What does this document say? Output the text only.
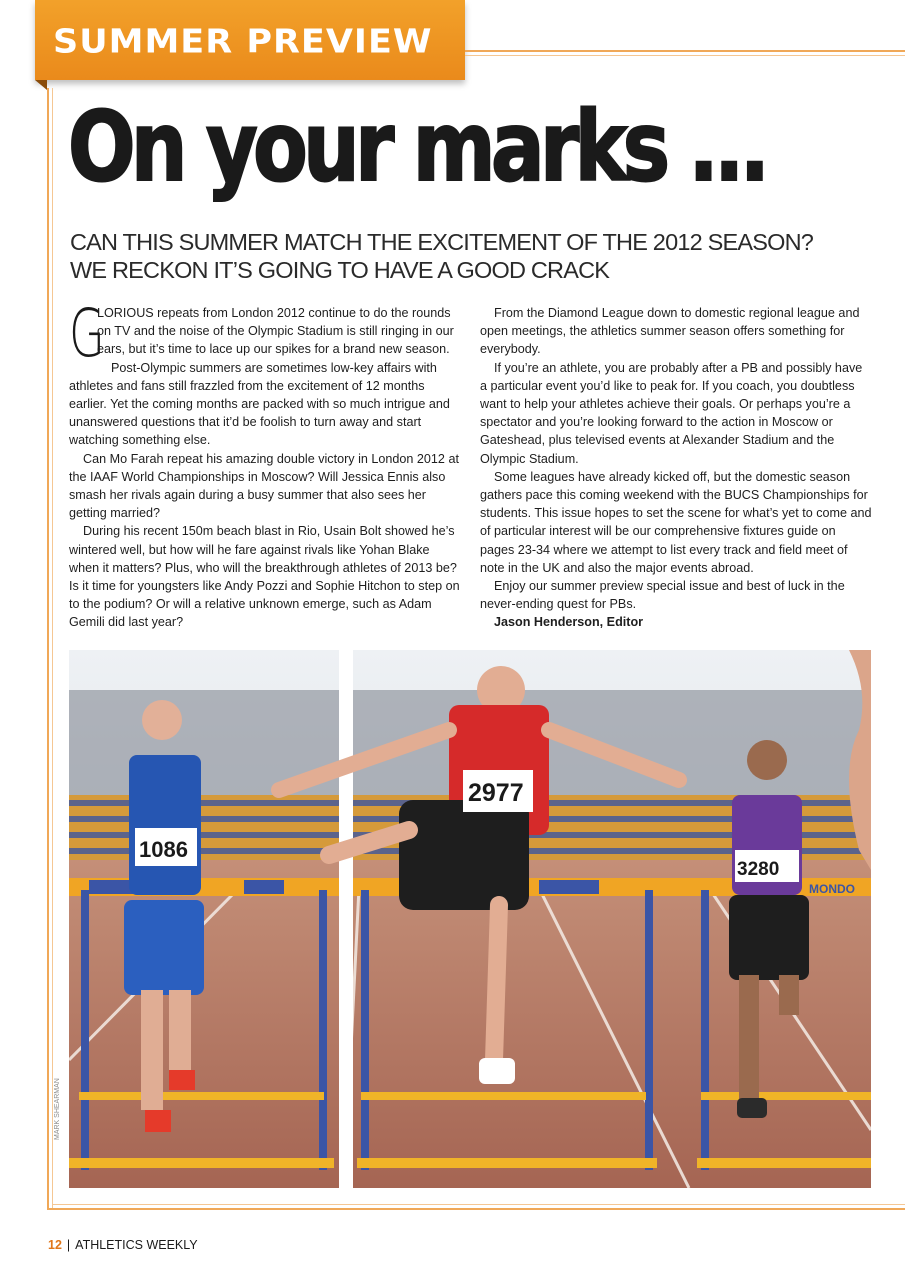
SUMMER PREVIEW
On your marks ...
CAN THIS SUMMER MATCH THE EXCITEMENT OF THE 2012 SEASON?
WE RECKON IT’S GOING TO HAVE A GOOD CRACK

G
LORIOUS repeats from London 2012 continue to do the rounds on TV and the noise of the Olympic Stadium is still ringing in our ears, but it’s time to lace up our spikes for a brand new season.

Post-Olympic summers are sometimes low-key affairs with athletes and fans still frazzled from the excitement of 12 months earlier. Yet the coming months are packed with so much intrigue and unanswered questions that it’d be foolish to turn away and start watching something else.

Can Mo Farah repeat his amazing double victory in London 2012 at the IAAF World Championships in Moscow? Will Jessica Ennis also smash her rivals again during a busy summer that also sees her getting married?

During his recent 150m beach blast in Rio, Usain Bolt showed he’s wintered well, but how will he fare against rivals like Yohan Blake when it matters? Plus, who will the breakthrough athletes of 2013 be? Is it time for youngsters like Andy Pozzi and Sophie Hitchon to step on to the podium? Or will a relative unknown emerge, such as Adam Gemili did last year?

From the Diamond League down to domestic regional league and open meetings, the athletics summer season offers something for everybody.

If you’re an athlete, you are probably after a PB and possibly have a particular event you’d like to peak for. If you coach, you doubtless want to help your athletes achieve their goals. Or perhaps you’re a spectator and you’re looking forward to the action in Moscow or Gateshead, plus televised events at Alexander Stadium and the Olympic Stadium.

Some leagues have already kicked off, but the domestic season gathers pace this coming weekend with the BUCS Championships for students. This issue hopes to set the scene for what’s yet to come and of particular interest will be our comprehensive fixtures guide on pages 23-34 where we attempt to list every track and field meet of note in the UK and also the major events abroad.

Enjoy our summer preview special issue and best of luck in the never-ending quest for PBs.

Jason Henderson, Editor

MONDO
1086
2977
3280
MARK SHEARMAN
12 | ATHLETICS WEEKLY
